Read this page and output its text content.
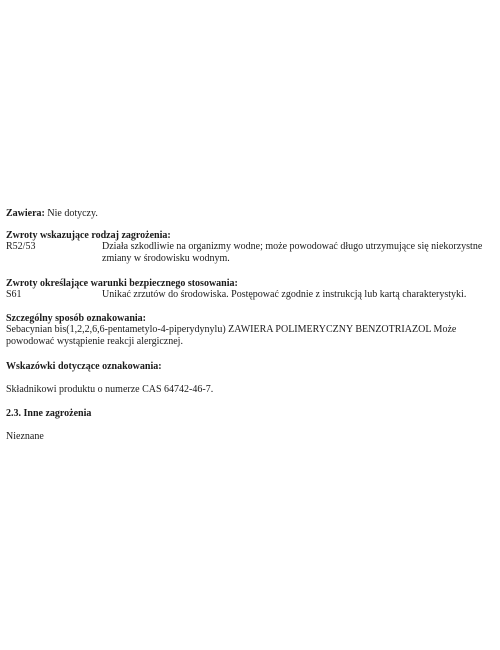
Zawiera: Nie dotyczy.
Zwroty wskazujące rodzaj zagrożenia:
R52/53	Działa szkodliwie na organizmy wodne; może powodować długo utrzymujące się niekorzystne
zmiany w środowisku wodnym.
Zwroty określające warunki bezpiecznego stosowania:
S61	Unikać zrzutów do środowiska. Postępować zgodnie z instrukcją lub kartą charakterystyki.
Szczególny sposób oznakowania:
Sebacynian bis(1,2,2,6,6-pentametylo-4-piperydynylu) ZAWIERA POLIMERYCZNY BENZOTRIAZOL Może
powodować wystąpienie reakcji alergicznej.
Wskazówki dotyczące oznakowania:
Składnikowi produktu o numerze CAS 64742-46-7.
2.3. Inne zagrożenia
Nieznane
